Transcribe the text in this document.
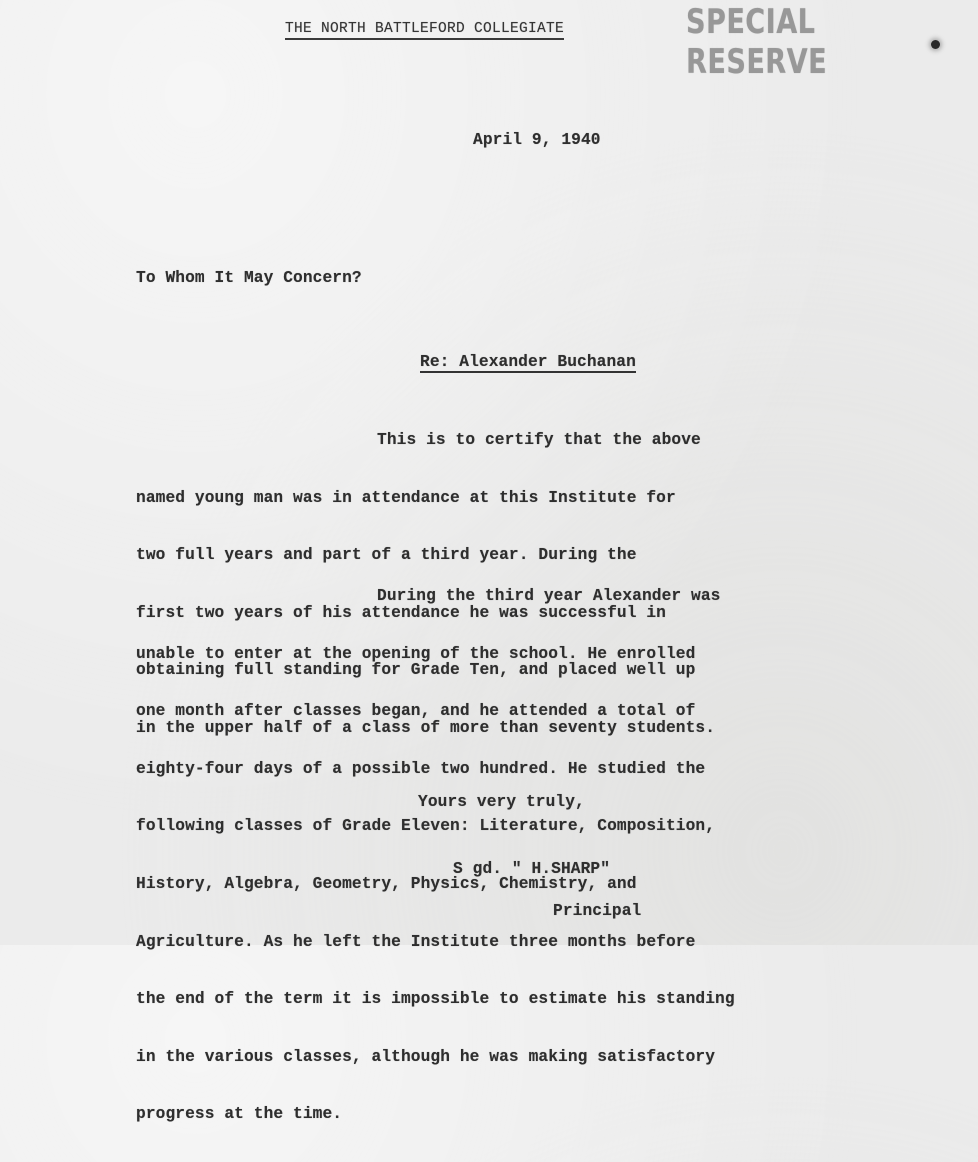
THE NORTH BATTLEFORD COLLEGIATE	SPECIAL RESERVE
April 9, 1940
To Whom It May Concern?
Re: Alexander Buchanan

This is to certify that the above

named young man was in attendance at this Institute for

two full years and part of a third year. During the

first two years of his attendance he was successful in

obtaining full standing for Grade Ten, and placed well up

in the upper half of a class of more than seventy students.

During the third year Alexander was

unable to enter at the opening of the school. He enrolled

one month after classes began, and he attended a total of

eighty-four days of a possible two hundred. He studied the

following classes of Grade Eleven: Literature, Composition,

History, Algebra, Geometry, Physics, Chemistry, and

Agriculture. As he left the Institute three months before

the end of the term it is impossible to estimate his standing

in the various classes, although he was making satisfactory

progress at the time.

Yours very truly,
S gd. " H.SHARP"
Principal
